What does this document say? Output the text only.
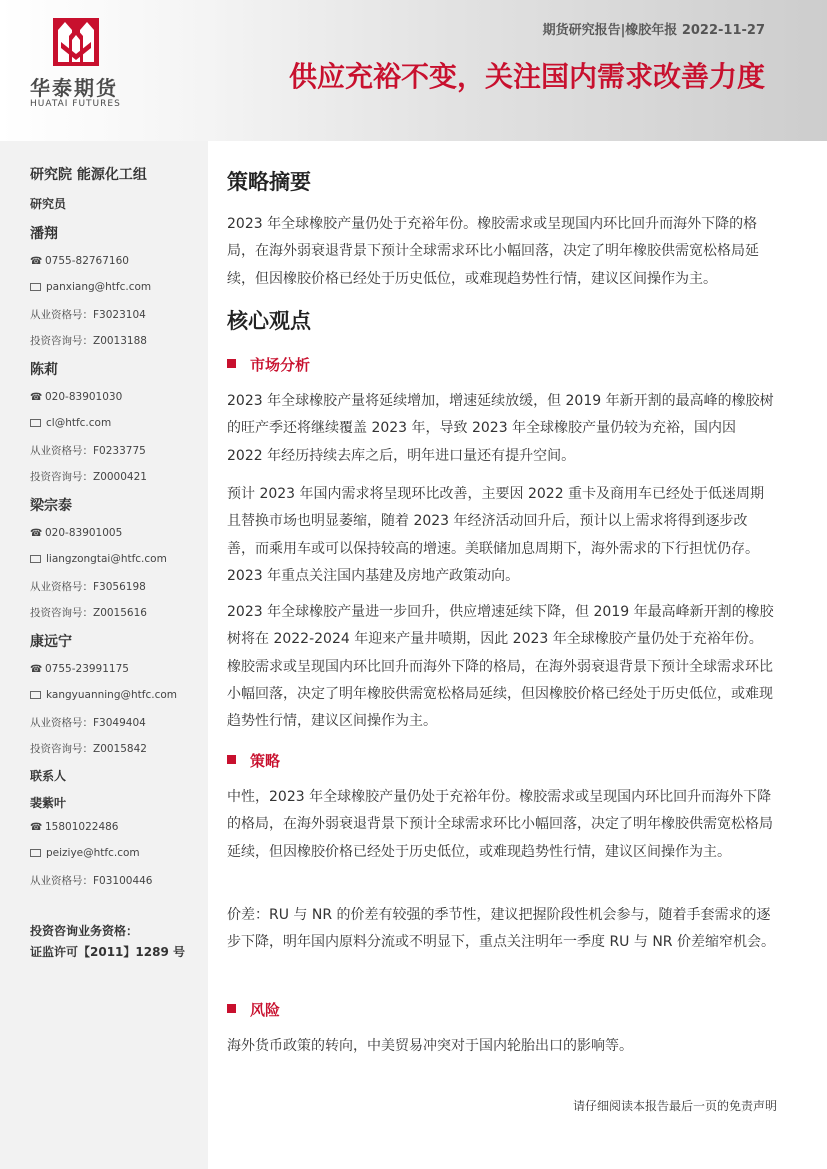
华泰期货
HUATAI FUTURES
期货研究报告|橡胶年报 2022-11-27
供应充裕不变，关注国内需求改善力度
研究院 能源化工组
研究员
潘翔
☎ 0755-82767160
panxiang@htfc.com
从业资格号：F3023104
投资咨询号：Z0013188
陈莉
☎ 020-83901030
cl@htfc.com
从业资格号：F0233775
投资咨询号：Z0000421
梁宗泰
☎ 020-83901005
liangzongtai@htfc.com
从业资格号：F3056198
投资咨询号：Z0015616
康远宁
☎ 0755-23991175
kangyuanning@htfc.com
从业资格号：F3049404
投资咨询号：Z0015842
联系人
裴紫叶
☎ 15801022486
peiziye@htfc.com
从业资格号：F03100446
投资咨询业务资格：
证监许可【2011】1289 号
策略摘要

2023 年全球橡胶产量仍处于充裕年份。橡胶需求或呈现国内环比回升而海外下降的格局，在海外弱衰退背景下预计全球需求环比小幅回落，决定了明年橡胶供需宽松格局延续，但因橡胶价格已经处于历史低位，或难现趋势性行情，建议区间操作为主。

核心观点
市场分析

2023 年全球橡胶产量将延续增加，增速延续放缓，但 2019 年新开割的最高峰的橡胶树的旺产季还将继续覆盖 2023 年，导致 2023 年全球橡胶产量仍较为充裕，国内因 2022 年经历持续去库之后，明年进口量还有提升空间。

预计 2023 年国内需求将呈现环比改善，主要因 2022 重卡及商用车已经处于低迷周期且替换市场也明显萎缩，随着 2023 年经济活动回升后，预计以上需求将得到逐步改善，而乘用车或可以保持较高的增速。美联储加息周期下，海外需求的下行担忧仍存。2023 年重点关注国内基建及房地产政策动向。

2023 年全球橡胶产量进一步回升，供应增速延续下降，但 2019 年最高峰新开割的橡胶树将在 2022-2024 年迎来产量井喷期，因此 2023 年全球橡胶产量仍处于充裕年份。橡胶需求或呈现国内环比回升而海外下降的格局，在海外弱衰退背景下预计全球需求环比小幅回落，决定了明年橡胶供需宽松格局延续，但因橡胶价格已经处于历史低位，或难现趋势性行情，建议区间操作为主。

策略

中性，2023 年全球橡胶产量仍处于充裕年份。橡胶需求或呈现国内环比回升而海外下降的格局，在海外弱衰退背景下预计全球需求环比小幅回落，决定了明年橡胶供需宽松格局延续，但因橡胶价格已经处于历史低位，或难现趋势性行情，建议区间操作为主。

价差：RU 与 NR 的价差有较强的季节性，建议把握阶段性机会参与，随着手套需求的逐步下降，明年国内原料分流或不明显下，重点关注明年一季度 RU 与 NR 价差缩窄机会。

风险

海外货币政策的转向，中美贸易冲突对于国内轮胎出口的影响等。

请仔细阅读本报告最后一页的免责声明
